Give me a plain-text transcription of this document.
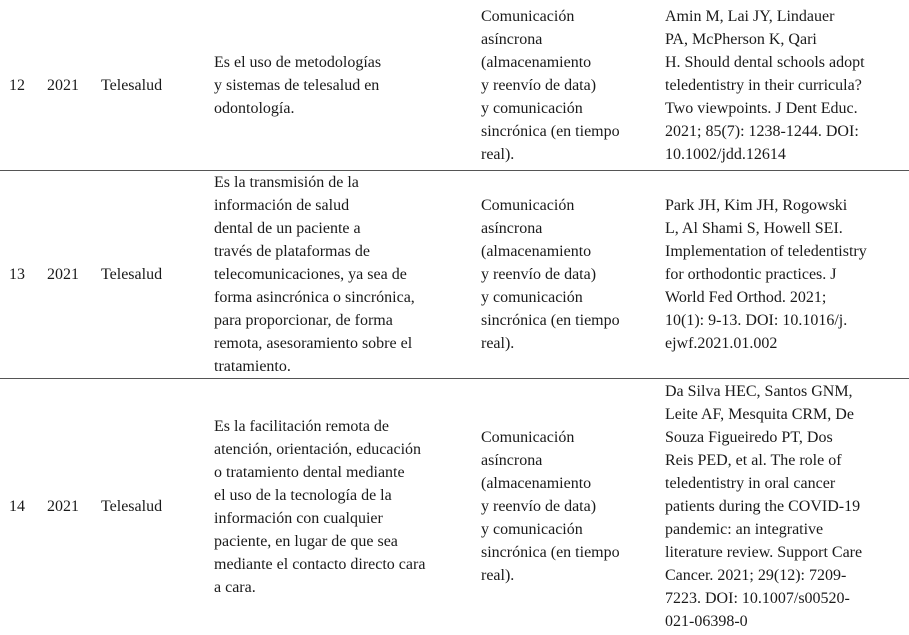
12 2021 Telesalud
Es el uso de metodologías
y sistemas de telesalud en
odontología.
Comunicación
asíncrona
(almacenamiento
y reenvío de data)
y comunicación
sincrónica (en tiempo
real).
Amin M, Lai JY, Lindauer
PA, McPherson K, Qari
H. Should dental schools adopt
teledentistry in their curricula?
Two viewpoints. J Dent Educ.
2021; 85(7): 1238-1244. DOI:
10.1002/jdd.12614
13 2021 Telesalud
Es la transmisión de la
información de salud
dental de un paciente a
través de plataformas de
telecomunicaciones, ya sea de
forma asincrónica o sincrónica,
para proporcionar, de forma
remota, asesoramiento sobre el
tratamiento.
Comunicación
asíncrona
(almacenamiento
y reenvío de data)
y comunicación
sincrónica (en tiempo
real).
Park JH, Kim JH, Rogowski
L, Al Shami S, Howell SEI.
Implementation of teledentistry
for orthodontic practices. J
World Fed Orthod. 2021;
10(1): 9-13. DOI: 10.1016/j.
ejwf.2021.01.002
14 2021 Telesalud
Es la facilitación remota de
atención, orientación, educación
o tratamiento dental mediante
el uso de la tecnología de la
información con cualquier
paciente, en lugar de que sea
mediante el contacto directo cara
a cara.
Comunicación
asíncrona
(almacenamiento
y reenvío de data)
y comunicación
sincrónica (en tiempo
real).
Da Silva HEC, Santos GNM,
Leite AF, Mesquita CRM, De
Souza Figueiredo PT, Dos
Reis PED, et al. The role of
teledentistry in oral cancer
patients during the COVID-19
pandemic: an integrative
literature review. Support Care
Cancer. 2021; 29(12): 7209-
7223. DOI: 10.1007/s00520-
021-06398-0
